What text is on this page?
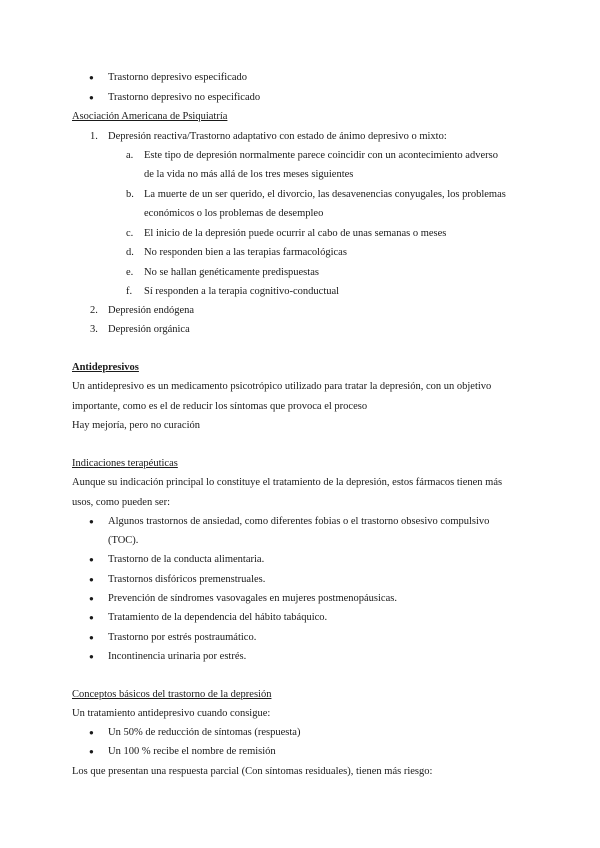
● Trastorno depresivo especificado
● Trastorno depresivo no especificado
Asociación Americana de Psiquiatría
1. Depresión reactiva/Trastorno adaptativo con estado de ánimo depresivo o mixto:
a. Este tipo de depresión normalmente parece coincidir con un acontecimiento adverso
de la vida no más allá de los tres meses siguientes
b. La muerte de un ser querido, el divorcio, las desavenencias conyugales, los problemas
económicos o los problemas de desempleo
c. El inicio de la depresión puede ocurrir al cabo de unas semanas o meses
d. No responden bien a las terapias farmacológicas
e. No se hallan genéticamente predispuestas
f. Sí responden a la terapia cognitivo-conductual
2. Depresión endógena
3. Depresión orgánica
Antidepresivos
Un antidepresivo es un medicamento psicotrópico utilizado para tratar la depresión, con un objetivo
importante, como es el de reducir los síntomas que provoca el proceso
Hay mejoría, pero no curación
Indicaciones terapéuticas
Aunque su indicación principal lo constituye el tratamiento de la depresión, estos fármacos tienen más
usos, como pueden ser:
● Algunos trastornos de ansiedad, como diferentes fobias o el trastorno obsesivo compulsivo
(TOC).
● Trastorno de la conducta alimentaria.
● Trastornos disfóricos premenstruales.
● Prevención de síndromes vasovagales en mujeres postmenopáusicas.
● Tratamiento de la dependencia del hábito tabáquico.
● Trastorno por estrés postraumático.
● Incontinencia urinaria por estrés.
Conceptos básicos del trastorno de la depresión
Un tratamiento antidepresivo cuando consigue:
● Un 50% de reducción de síntomas (respuesta)
● Un 100 % recibe el nombre de remisión
Los que presentan una respuesta parcial (Con síntomas residuales), tienen más riesgo:
